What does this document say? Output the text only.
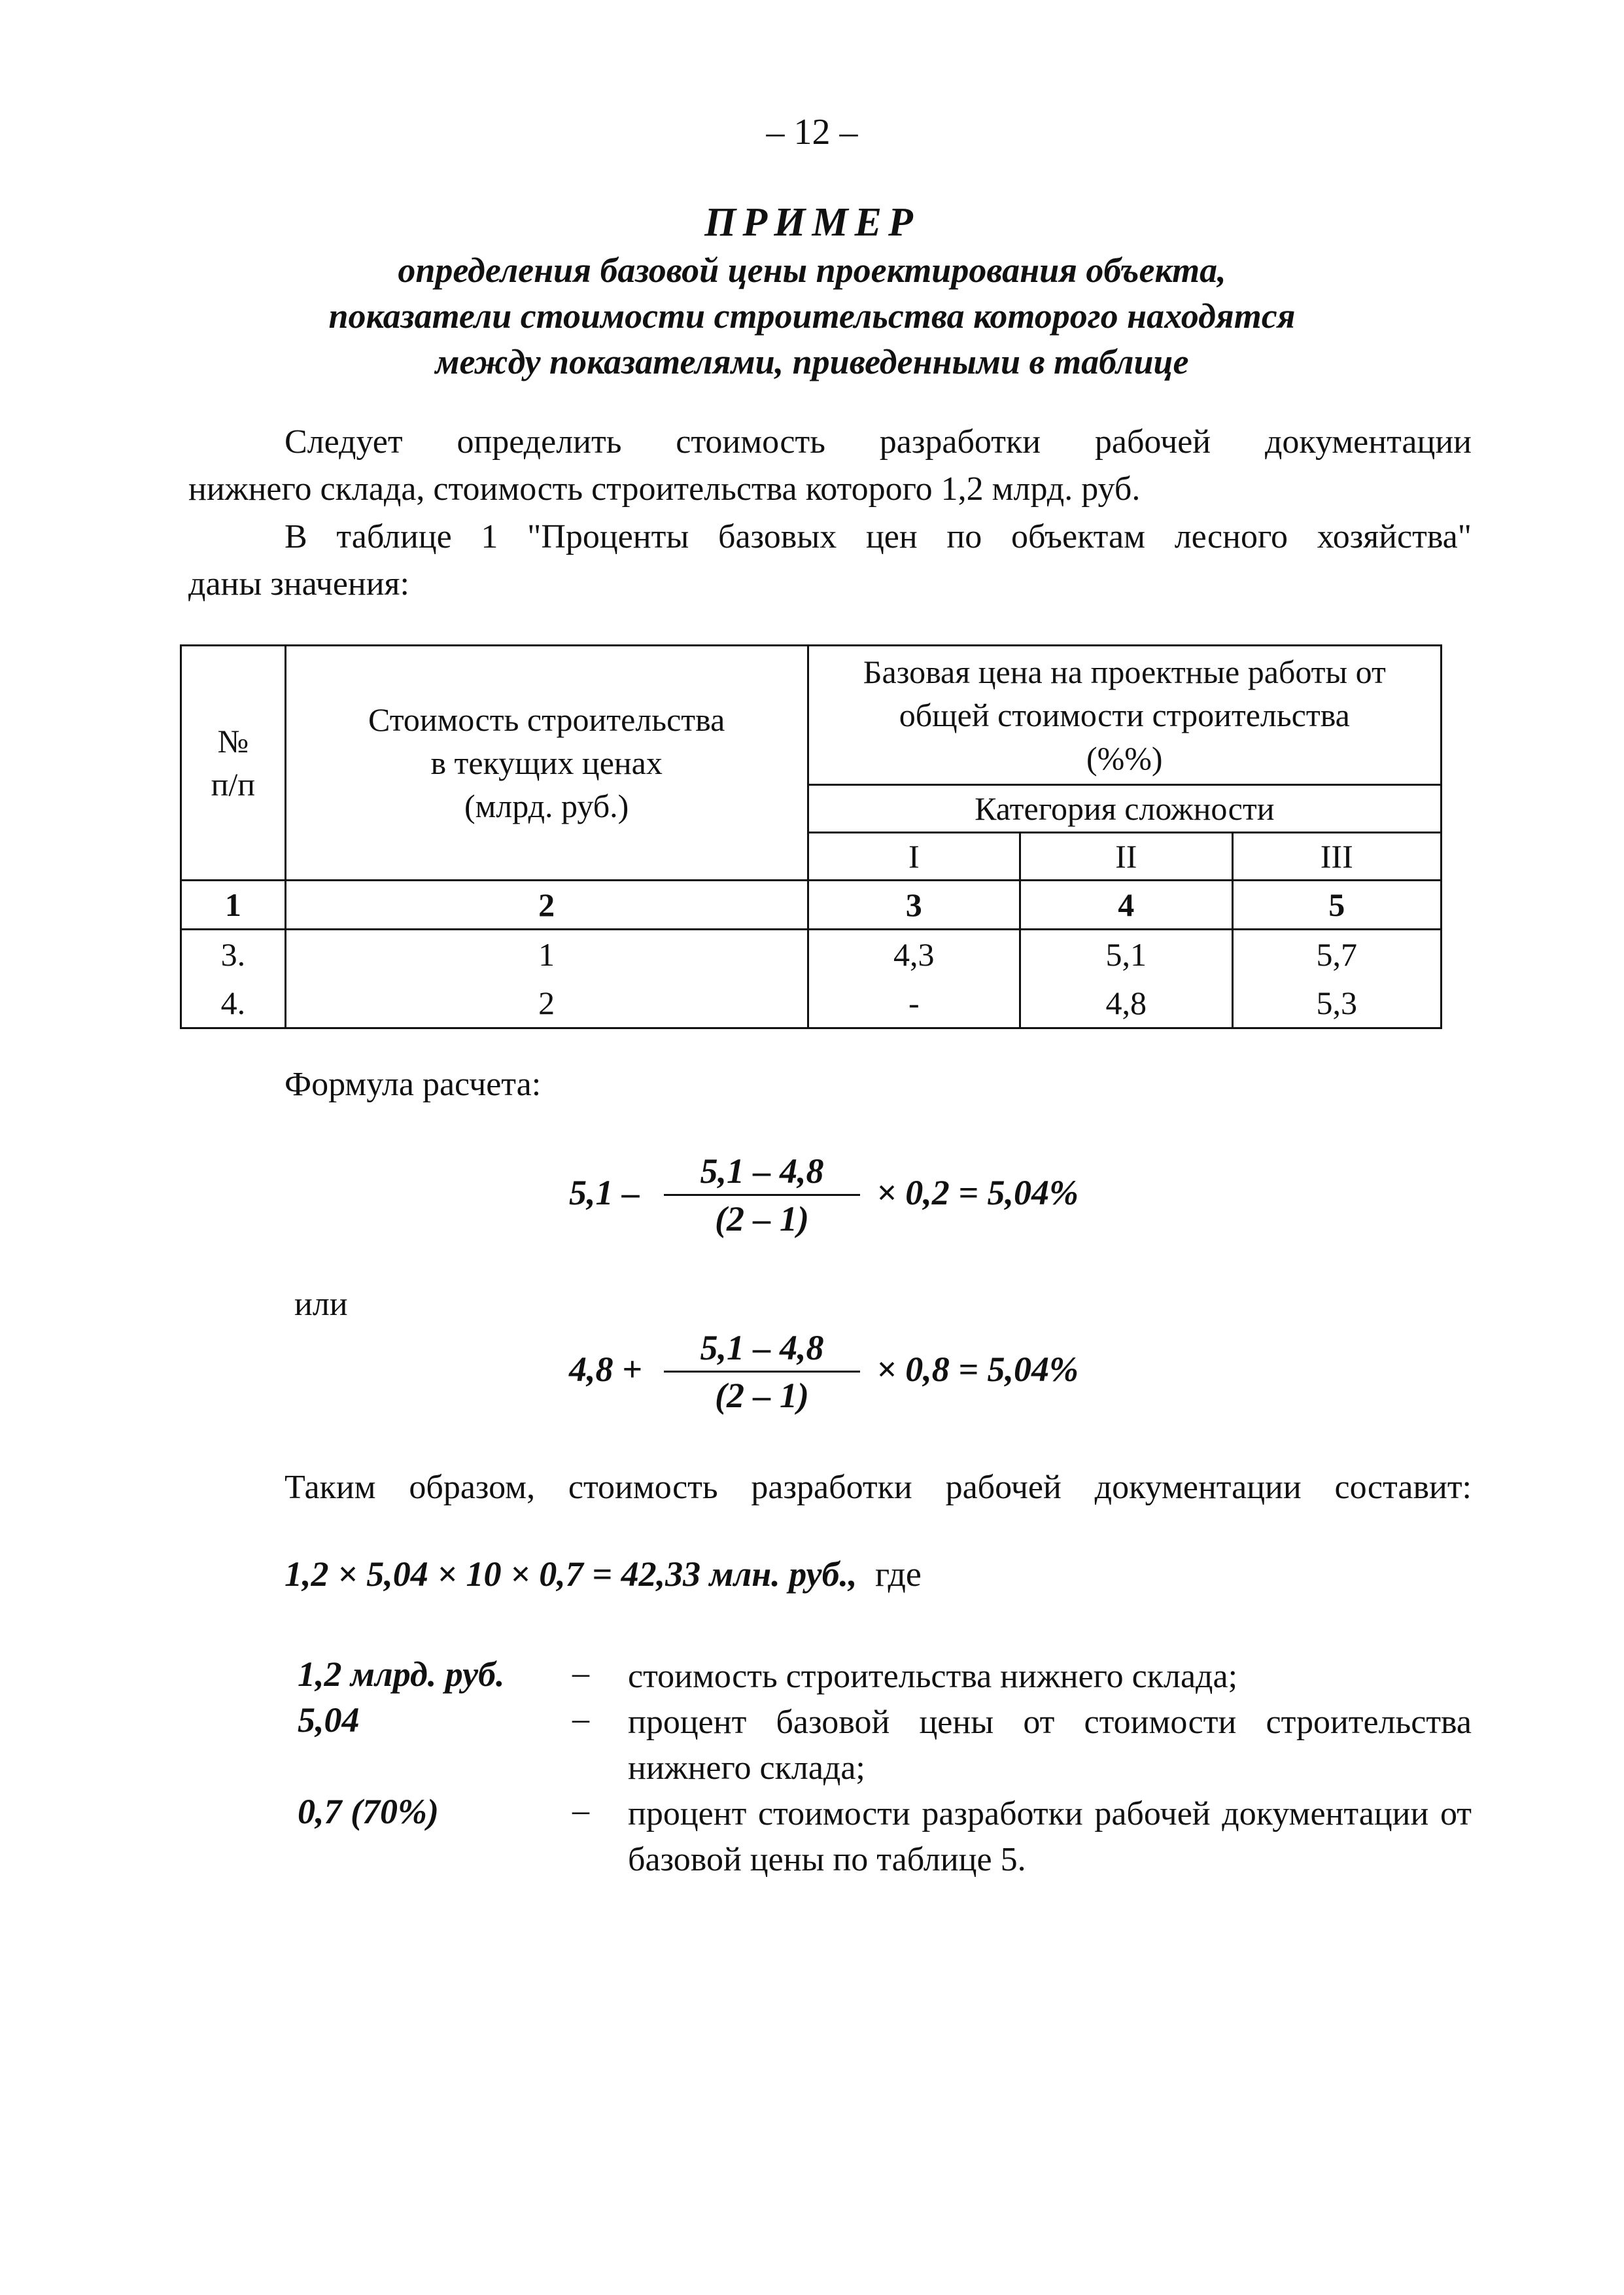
– 12 –
ПРИМЕР
определения базовой цены проектирования объекта,
показатели стоимости строительства которого находятся
между показателями, приведенными в таблице
Следует определить стоимость разработки рабочей документации
нижнего склада, стоимость строительства которого 1,2 млрд. руб.
В таблице 1 "Проценты базовых цен по объектам лесного хозяйства"
даны значения:
№
п/п	Стоимость строительства
в текущих ценах
(млрд. руб.)	Базовая цена на проектные работы от
общей стоимости строительства
(%%)		
		Категория сложности		
		I	II	III
1	2	3	4	5
3.	1	4,3	5,1	5,7
4.	2	-	4,8	5,3
Формула расчета:
5,1 –
5,1 – 4,8
(2 – 1)
× 0,2 = 5,04%
или
4,8 +
5,1 – 4,8
(2 – 1)
× 0,8 = 5,04%
Таким образом, стоимость разработки рабочей документации составит:
1,2 × 5,04 × 10 × 0,7 = 42,33 млн. руб., где
1,2 млрд. руб. – стоимость строительства нижнего склада;
5,04	– процент базовой цены от стоимости строительства нижнего склада;
0,7 (70%)	– процент стоимости разработки рабочей документации от базовой цены по таблице 5.
